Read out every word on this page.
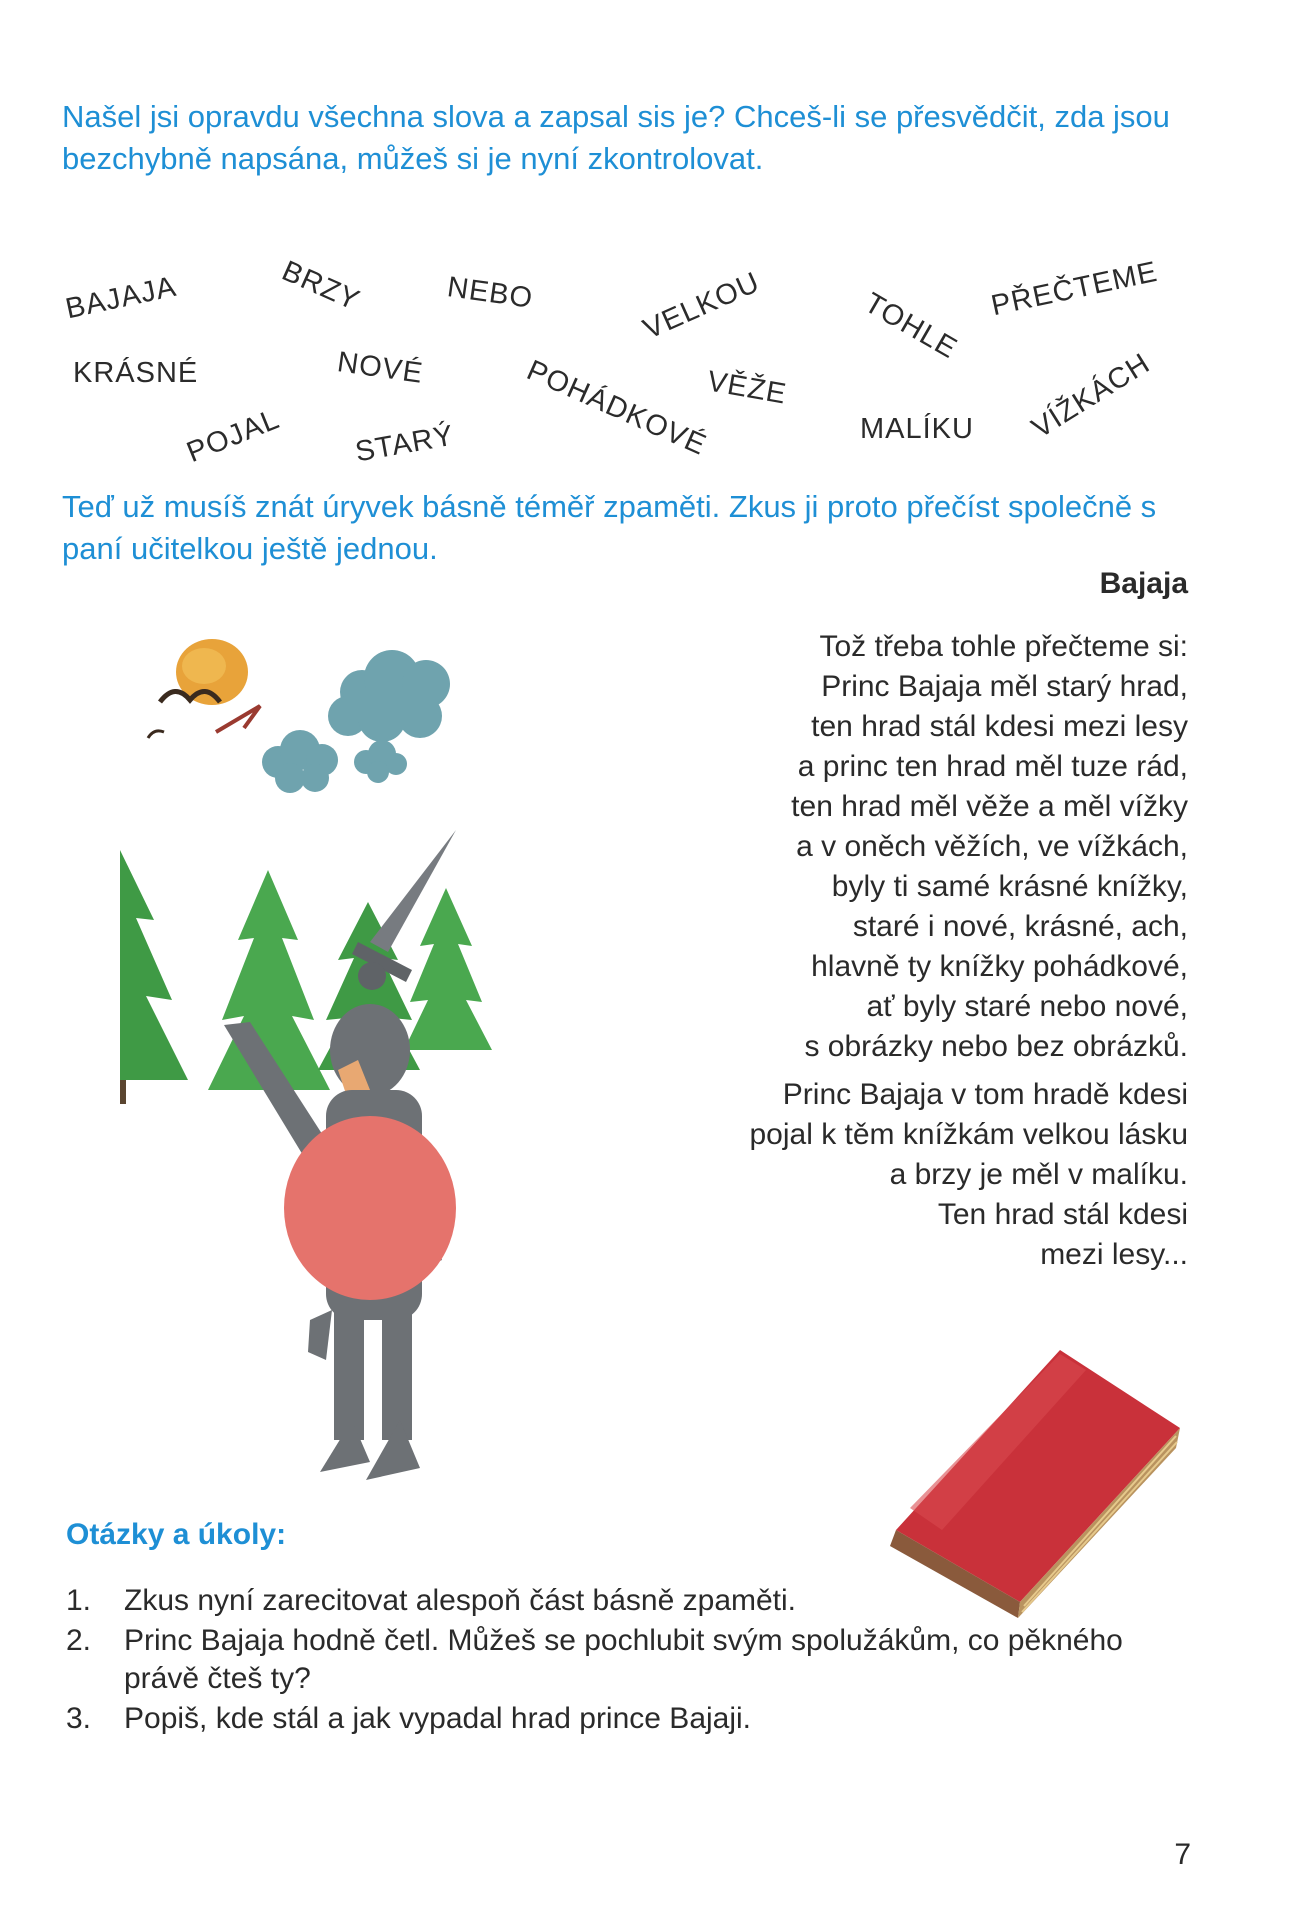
Našel jsi opravdu všechna slova a zapsal sis je? Chceš-li se přesvědčit, zda jsou bezchybně napsána, můžeš si je nyní zkontrolovat.

BAJAJA	BRZY	NEBO	VELKOU	TOHLE PŘEČTEME
KRÁSNÉ	NOVÉ	POHÁDKOVÉ
VĚŽE	VÍŽKÁCH
POJAL STARÝ	MALÍKU

Teď už musíš znát úryvek básně téměř zpaměti. Zkus ji proto přečíst společně s paní učitelkou ještě jednou.

Bajaja

Tož třeba tohle přečteme si:
Princ Bajaja měl starý hrad,
ten hrad stál kdesi mezi lesy
a princ ten hrad měl tuze rád,
ten hrad měl věže a měl vížky
a v oněch věžích, ve vížkách,
byly ti samé krásné knížky,
staré i nové, krásné, ach,
hlavně ty knížky pohádkové,
ať byly staré nebo nové,
s obrázky nebo bez obrázků.

Princ Bajaja v tom hradě kdesi
pojal k těm knížkám velkou lásku
a brzy je měl v malíku.
Ten hrad stál kdesi
mezi lesy...

Otázky a úkoly:
1. Zkus nyní zarecitovat alespoň část básně zpaměti.
2. Princ Bajaja hodně četl. Můžeš se pochlubit svým spolužákům, co pěkného právě čteš ty?
3. Popiš, kde stál a jak vypadal hrad prince Bajaji.

7
